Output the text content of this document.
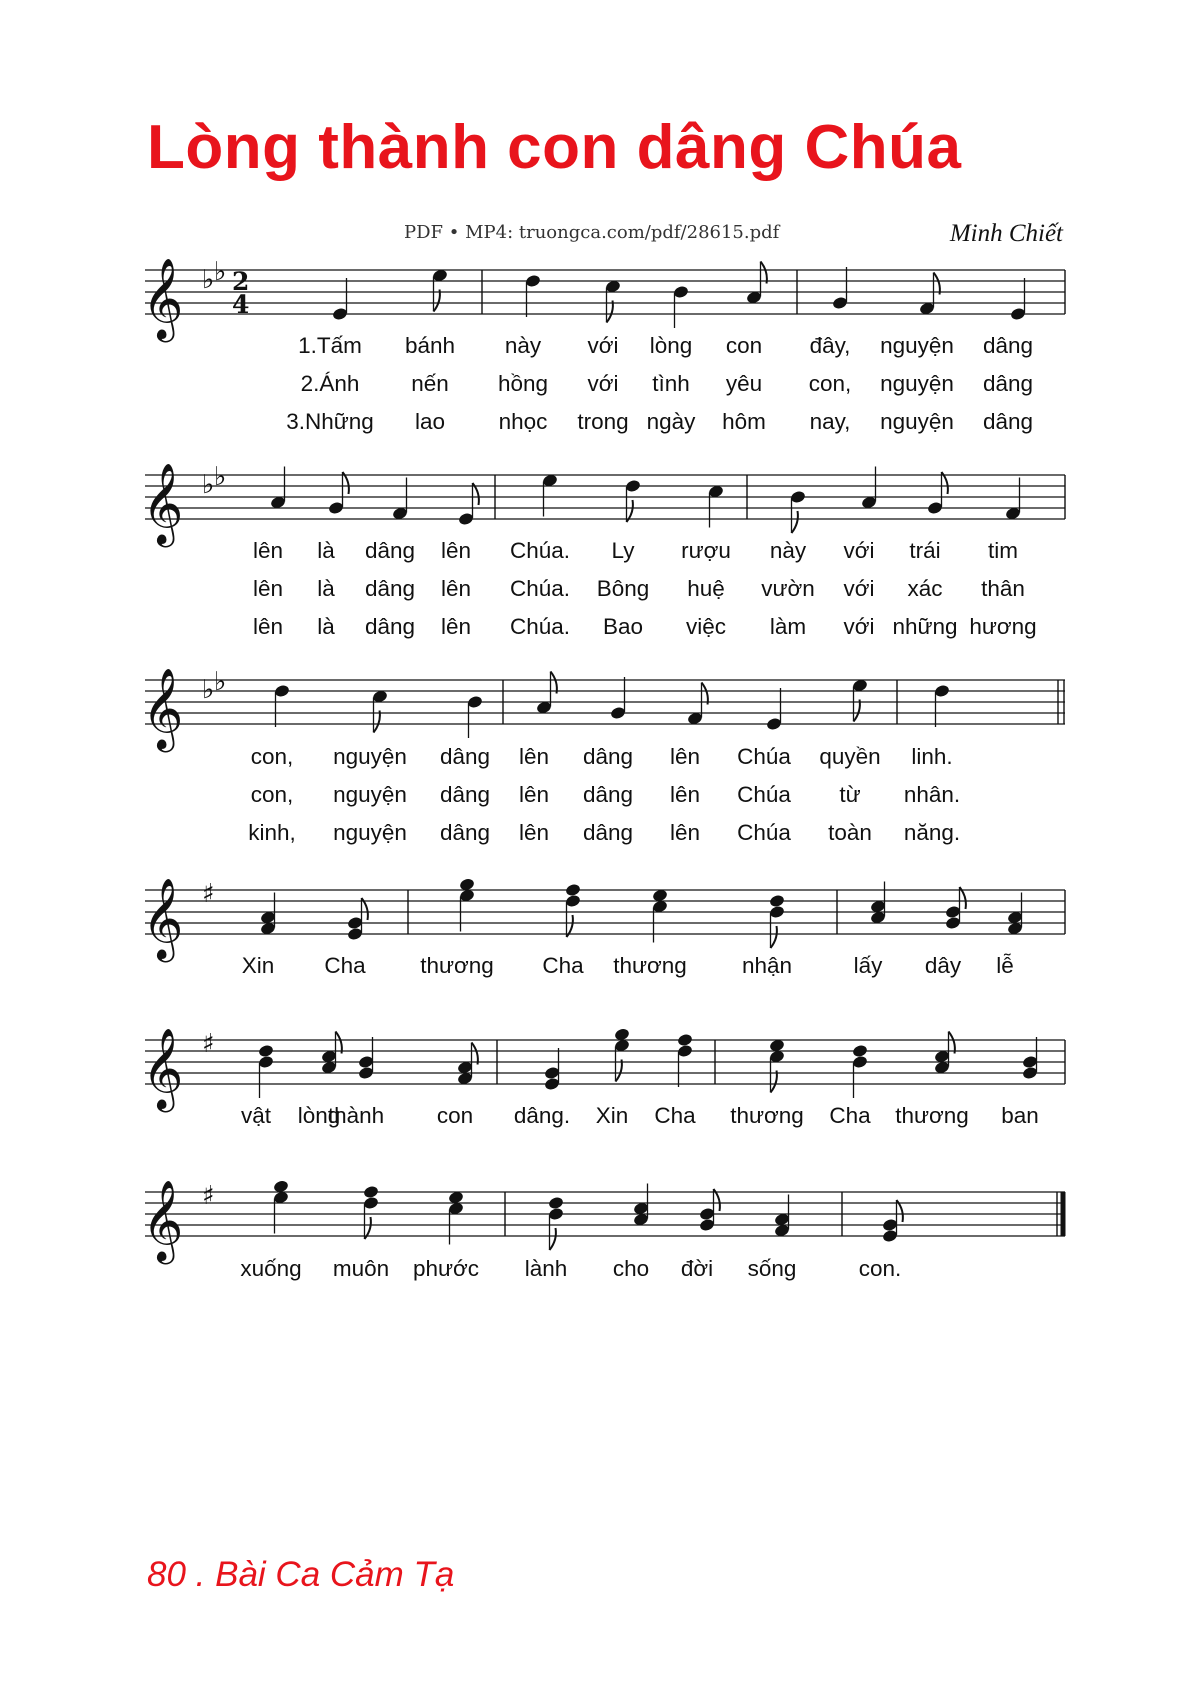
Lòng thành con dâng Chúa
PDF • MP4: truongca.com/pdf/28615.pdf	Minh Chiết
𝄞 ♭ ♭ 2
4
1.Tấm bánh này với lòng con đây, nguyện dâng
2.Ánh nến hồng với tình yêu con, nguyện dâng
3.Những lao nhọc trong ngày hôm nay, nguyện dâng
𝄞 ♭ ♭
lên là dâng lên Chúa. Ly rượu này với trái tim
lên là dâng lên Chúa. Bông huệ vườn với xác thân
lên là dâng lên Chúa. Bao việc làm với những hương
𝄞 ♭ ♭
con, nguyện dâng lên dâng lên Chúa quyền linh.
con, nguyện dâng lên dâng lên Chúa từ nhân.
kinh, nguyện dâng lên dâng lên Chúa toàn năng.
𝄞 ♯
Xin Cha thương Cha thương nhận	lấy dây lễ
𝄞 ♯
vật lòng
thành con dâng. Xin Cha thương Cha thương ban
𝄞 ♯
xuống muôn phước lành cho đời sống	con.
80 . Bài Ca Cảm Tạ
